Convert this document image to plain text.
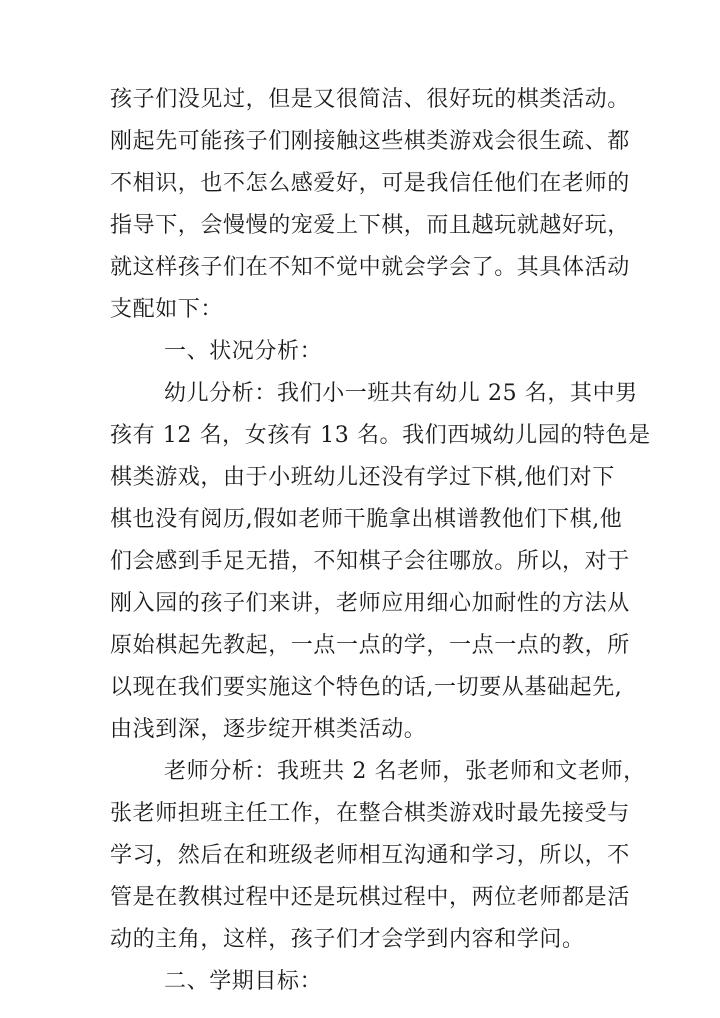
孩子们没见过，但是又很简洁、很好玩的棋类活动。
刚起先可能孩子们刚接触这些棋类游戏会很生疏、都
不相识，也不怎么感爱好，可是我信任他们在老师的
指导下，会慢慢的宠爱上下棋，而且越玩就越好玩，
就这样孩子们在不知不觉中就会学会了。其具体活动
支配如下：
一、状况分析：
幼儿分析：我们小一班共有幼儿 25 名，其中男
孩有 12 名，女孩有 13 名。我们西城幼儿园的特色是
棋类游戏，由于小班幼儿还没有学过下棋,他们对下
棋也没有阅历,假如老师干脆拿出棋谱教他们下棋,他
们会感到手足无措，不知棋子会往哪放。所以，对于
刚入园的孩子们来讲，老师应用细心加耐性的方法从
原始棋起先教起，一点一点的学，一点一点的教，所
以现在我们要实施这个特色的话,一切要从基础起先,
由浅到深，逐步绽开棋类活动。
老师分析：我班共 2 名老师，张老师和文老师，
张老师担班主任工作，在整合棋类游戏时最先接受与
学习，然后在和班级老师相互沟通和学习，所以，不
管是在教棋过程中还是玩棋过程中，两位老师都是活
动的主角，这样，孩子们才会学到内容和学问。
二、学期目标：
